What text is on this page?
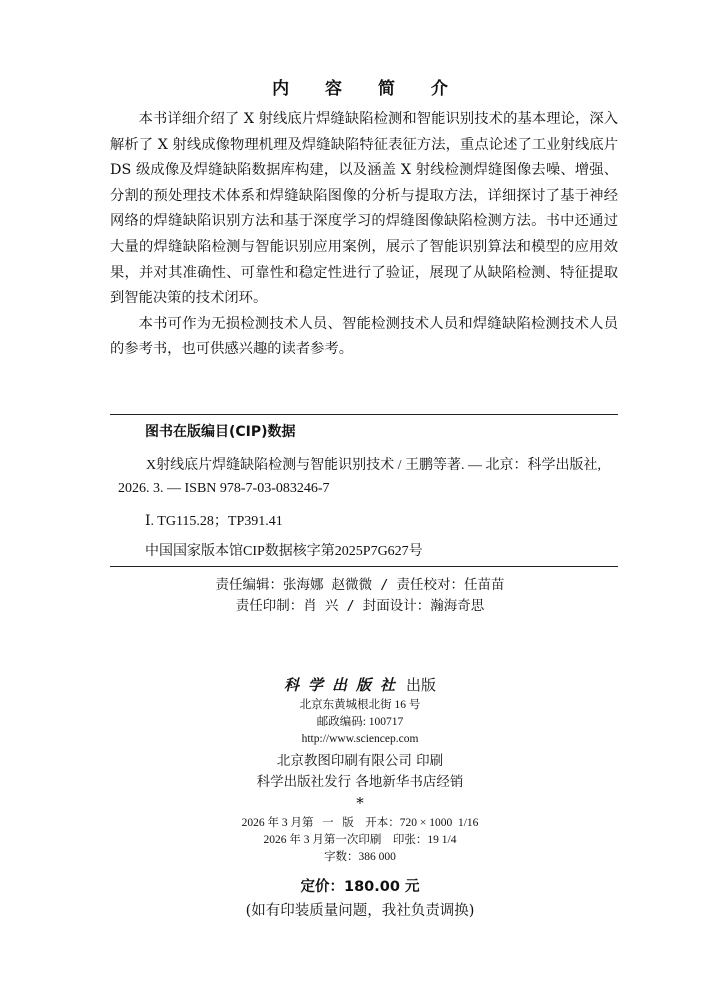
内 容 简 介

本书详细介绍了 X 射线底片焊缝缺陷检测和智能识别技术的基本理论，深入解析了 X 射线成像物理机理及焊缝缺陷特征表征方法，重点论述了工业射线底片 DS 级成像及焊缝缺陷数据库构建，以及涵盖 X 射线检测焊缝图像去噪、增强、分割的预处理技术体系和焊缝缺陷图像的分析与提取方法，详细探讨了基于神经网络的焊缝缺陷识别方法和基于深度学习的焊缝图像缺陷检测方法。书中还通过大量的焊缝缺陷检测与智能识别应用案例，展示了智能识别算法和模型的应用效果，并对其准确性、可靠性和稳定性进行了验证，展现了从缺陷检测、特征提取到智能决策的技术闭环。

本书可作为无损检测技术人员、智能检测技术人员和焊缝缺陷检测技术人员的参考书，也可供感兴趣的读者参考。

图书在版编目(CIP)数据
X射线底片焊缝缺陷检测与智能识别技术 / 王鹏等著. — 北京：科学出版社, 2026. 3. — ISBN 978-7-03-083246-7
Ⅰ. TG115.28；TP391.41
中国国家版本馆CIP数据核字第2025P7G627号
责任编辑：张海娜 赵微微 / 责任校对：任苗苗
责任印制：肖 兴 / 封面设计：瀚海奇思
科学出版社 出版
北京东黄城根北街 16 号
邮政编码: 100717
http://www.sciencep.com
北京教图印刷有限公司 印刷
科学出版社发行 各地新华书店经销
*
2026 年 3 月第   一   版    开本：720 × 1000  1/16
2026 年 3 月第一次印刷    印张：19 1/4
字数：386 000
定价：180.00 元
(如有印装质量问题，我社负责调换)
